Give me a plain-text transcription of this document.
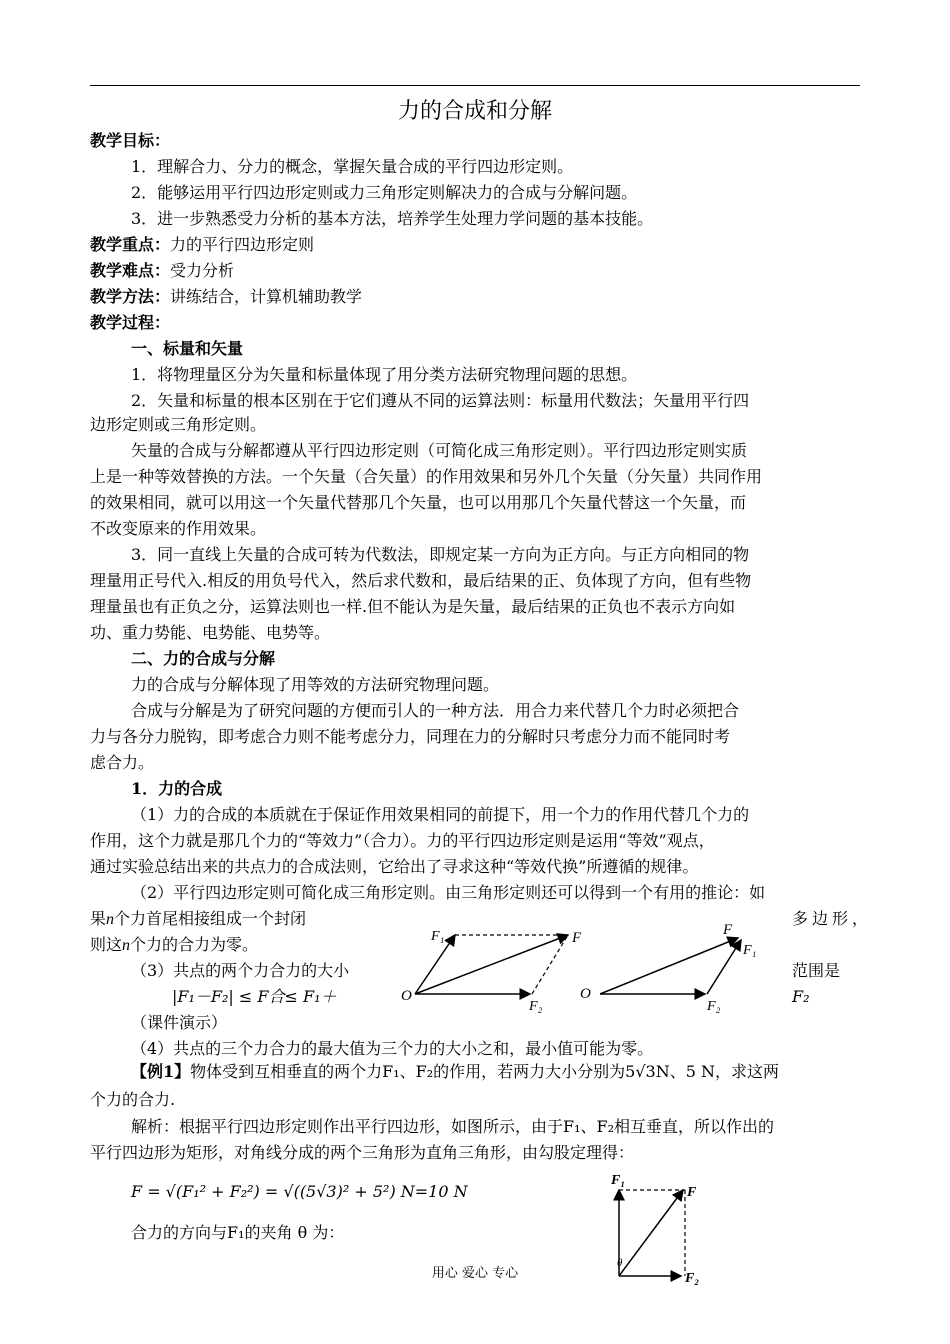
力的合成和分解
教学目标：
1．理解合力、分力的概念，掌握矢量合成的平行四边形定则。
2．能够运用平行四边形定则或力三角形定则解决力的合成与分解问题。
3．进一步熟悉受力分析的基本方法，培养学生处理力学问题的基本技能。
教学重点：力的平行四边形定则
教学难点：受力分析
教学方法：讲练结合，计算机辅助教学
教学过程：
一、标量和矢量
1．将物理量区分为矢量和标量体现了用分类方法研究物理问题的思想。
2．矢量和标量的根本区别在于它们遵从不同的运算法则：标量用代数法；矢量用平行四
边形定则或三角形定则。
矢量的合成与分解都遵从平行四边形定则（可简化成三角形定则）。平行四边形定则实质
上是一种等效替换的方法。一个矢量（合矢量）的作用效果和另外几个矢量（分矢量）共同作用
的效果相同，就可以用这一个矢量代替那几个矢量，也可以用那几个矢量代替这一个矢量，而
不改变原来的作用效果。
3．同一直线上矢量的合成可转为代数法，即规定某一方向为正方向。与正方向相同的物
理量用正号代入.相反的用负号代入，然后求代数和，最后结果的正、负体现了方向，但有些物
理量虽也有正负之分，运算法则也一样.但不能认为是矢量，最后结果的正负也不表示方向如
功、重力势能、电势能、电势等。
二、力的合成与分解
力的合成与分解体现了用等效的方法研究物理问题。
合成与分解是为了研究问题的方便而引人的一种方法．用合力来代替几个力时必须把合
力与各分力脱钩，即考虑合力则不能考虑分力，同理在力的分解时只考虑分力而不能同时考
虑合力。
1．力的合成
（1）力的合成的本质就在于保证作用效果相同的前提下，用一个力的作用代替几个力的
作用，这个力就是那几个力的“等效力”（合力）。力的平行四边形定则是运用“等效”观点，
通过实验总结出来的共点力的合成法则，它给出了寻求这种“等效代换”所遵循的规律。
（2）平行四边形定则可简化成三角形定则。由三角形定则还可以得到一个有用的推论：如
果n个力首尾相接组成一个封闭	多边形，
则这n个力的合力为零。
（3）共点的两个力合力的大小	范围是
|F₁－F₂| ≤ F合≤ F₁＋	F₂
（课件演示）
（4）共点的三个力合力的最大值为三个力的大小之和，最小值可能为零。
【例1】物体受到互相垂直的两个力F₁、F₂的作用，若两力大小分别为5√3N、5 N，求这两
个力的合力.
解析：根据平行四边形定则作出平行四边形，如图所示，由于F₁、F₂相互垂直，所以作出的
平行四边形为矩形，对角线分成的两个三角形为直角三角形，由勾股定理得：
F = √(F₁² + F₂²) = √((5√3)² + 5²) N=10 N
合力的方向与F₁的夹角 θ 为：
O
F₁	F
F₂
O
F
F₁
F₂
F₁
F
F₂
θ
用心 爱心 专心
